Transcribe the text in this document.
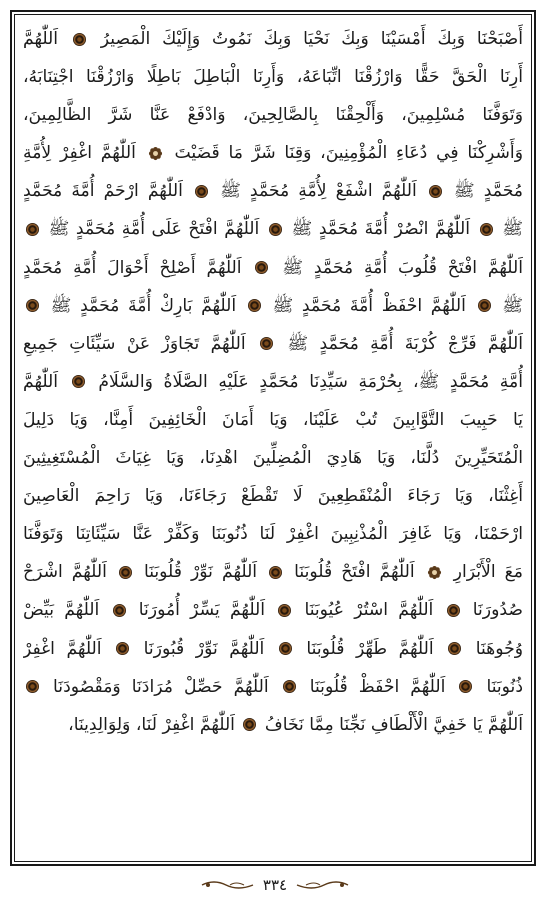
أَصْبَحْنَا وَبِكَ أَمْسَيْنَا وَبِكَ نَحْيَا وَبِكَ نَمُوتُ وَإِلَيْكَ الْمَصِيرُ  اَللّٰهُمَّ
أَرِنَا الْحَقَّ حَقًّا وَارْزُقْنَا اتِّبَاعَهُ، وَأَرِنَا الْبَاطِلَ بَاطِلًا وَارْزُقْنَا اجْتِنَابَهُ،
وَتَوَفَّنَا مُسْلِمِينَ، وَأَلْحِقْنَا بِالصَّالِحِينَ، وَادْفَعْ عَنَّا شَرَّ الظَّالِمِينَ،
وَأَشْرِكْنَا فِي دُعَاءِ الْمُؤْمِنِينَ، وَقِنَا شَرَّ مَا قَضَيْتَ  اَللّٰهُمَّ اغْفِرْ لِأُمَّةِ
مُحَمَّدٍ ﷺ  اَللّٰهُمَّ اشْفَعْ لِأُمَّةِ مُحَمَّدٍ ﷺ  اَللّٰهُمَّ ارْحَمْ أُمَّةَ مُحَمَّدٍ
ﷺ  اَللّٰهُمَّ انْصُرْ أُمَّةَ مُحَمَّدٍ ﷺ  اَللّٰهُمَّ افْتَحْ عَلَى أُمَّةِ مُحَمَّدٍ ﷺ
اَللّٰهُمَّ افْتَحْ قُلُوبَ أُمَّةِ مُحَمَّدٍ ﷺ  اَللّٰهُمَّ أَصْلِحْ أَحْوَالَ أُمَّةِ مُحَمَّدٍ
ﷺ  اَللّٰهُمَّ احْفَظْ أُمَّةَ مُحَمَّدٍ ﷺ  اَللّٰهُمَّ بَارِكْ أُمَّةَ مُحَمَّدٍ ﷺ
اَللّٰهُمَّ فَرِّجْ كُرْبَةَ أُمَّةِ مُحَمَّدٍ ﷺ  اَللّٰهُمَّ تَجَاوَزْ عَنْ سَيِّئَاتِ جَمِيعِ
أُمَّةِ مُحَمَّدٍ ﷺ، بِحُرْمَةِ سَيِّدِنَا مُحَمَّدٍ عَلَيْهِ الصَّلَاةُ وَالسَّلَامُ  اَللّٰهُمَّ
يَا حَبِيبَ التَّوَّابِينَ تُبْ عَلَيْنَا، وَيَا أَمَانَ الْخَائِفِينَ أَمِنَّا، وَيَا دَلِيلَ
الْمُتَحَيِّرِينَ دُلَّنَا، وَيَا هَادِيَ الْمُضِلِّينَ اهْدِنَا، وَيَا غِيَاثَ الْمُسْتَغِيثِينَ
أَغِثْنَا، وَيَا رَجَاءَ الْمُنْقَطِعِينَ لَا تَقْطَعْ رَجَاءَنَا، وَيَا رَاحِمَ الْعَاصِينَ
ارْحَمْنَا، وَيَا غَافِرَ الْمُذْنِبِينَ اغْفِرْ لَنَا ذُنُوبَنَا وَكَفِّرْ عَنَّا سَيِّئَاتِنَا وَتَوَفَّنَا
مَعَ الْأَبْرَارِ  اَللّٰهُمَّ افْتَحْ قُلُوبَنَا  اَللّٰهُمَّ نَوِّرْ قُلُوبَنَا  اَللّٰهُمَّ اشْرَحْ
صُدُورَنَا  اَللّٰهُمَّ اسْتُرْ عُيُوبَنَا  اَللّٰهُمَّ يَسِّرْ أُمُورَنَا  اَللّٰهُمَّ بَيِّضْ
وُجُوهَنَا  اَللّٰهُمَّ طَهِّرْ قُلُوبَنَا  اَللّٰهُمَّ نَوِّرْ قُبُورَنَا  اَللّٰهُمَّ اغْفِرْ
ذُنُوبَنَا  اَللّٰهُمَّ احْفَظْ قُلُوبَنَا  اَللّٰهُمَّ حَصِّلْ مُرَادَنَا وَمَقْصُودَنَا
اَللّٰهُمَّ يَا خَفِيَّ الْأَلْطَافِ نَجِّنَا مِمَّا نَخَافُ  اَللّٰهُمَّ اغْفِرْ لَنَا، وَلِوَالِدِينَا،
٣٣٤
